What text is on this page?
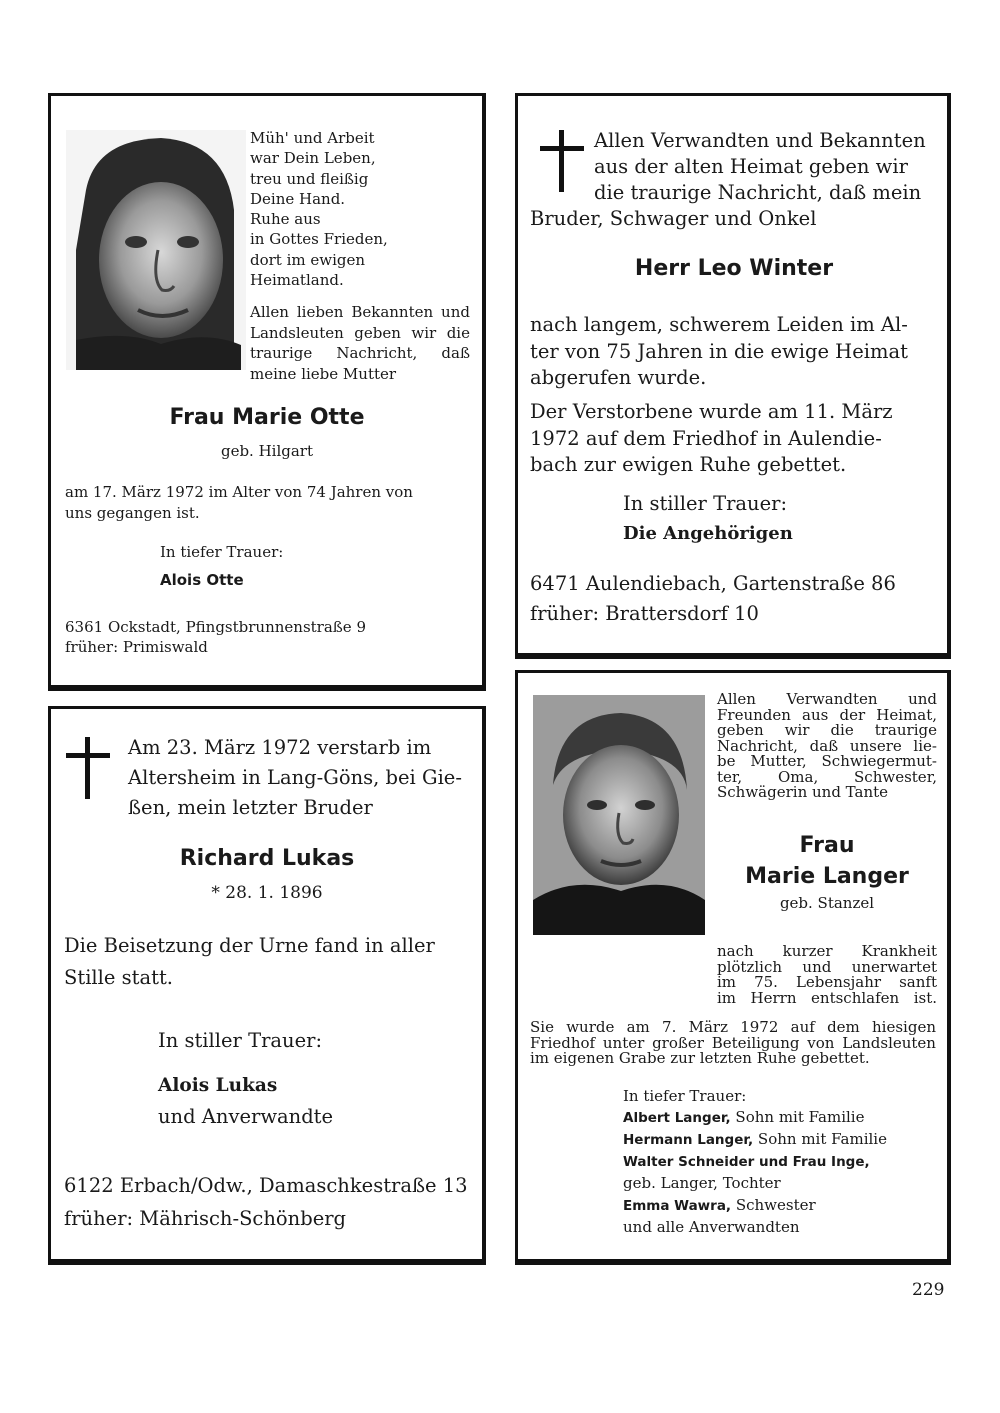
Müh' und Arbeit
war Dein Leben,
treu und fleißig
Deine Hand.
Ruhe aus
in Gottes Frieden,
dort im ewigen
Heimatland.
Allen lieben Bekannten und
Landsleuten geben wir die
traurige Nachricht, daß
meine liebe Mutter
Frau Marie Otte
geb. Hilgart
am 17. März 1972 im Alter von 74 Jahren von
uns gegangen ist.
In tiefer Trauer:
Alois Otte
6361 Ockstadt, Pfingstbrunnenstraße 9
früher: Primiswald
Allen Verwandten und Bekannten
aus der alten Heimat geben wir
die traurige Nachricht, daß mein
Bruder, Schwager und Onkel
Herr Leo Winter
nach langem, schwerem Leiden im Al-
ter von 75 Jahren in die ewige Heimat
abgerufen wurde.
Der Verstorbene wurde am 11. März
1972 auf dem Friedhof in Aulendie-
bach zur ewigen Ruhe gebettet.
In stiller Trauer:
Die Angehörigen
6471 Aulendiebach, Gartenstraße 86
früher: Brattersdorf 10
Am 23. März 1972 verstarb im
Altersheim in Lang-Göns, bei Gie-
ßen, mein letzter Bruder
Richard Lukas
* 28. 1. 1896
Die Beisetzung der Urne fand in aller
Stille statt.
In stiller Trauer:
Alois Lukas
und Anverwandte
6122 Erbach/Odw., Damaschkestraße 13
früher: Mährisch-Schönberg
Allen Verwandten und
Freunden aus der Heimat,
geben wir die traurige
Nachricht, daß unsere lie-
be Mutter, Schwiegermut-
ter, Oma, Schwester,
Schwägerin und Tante
Frau
Marie Langer
geb. Stanzel
nach kurzer Krankheit
plötzlich und unerwartet
im 75. Lebensjahr sanft
im Herrn entschlafen ist.
Sie wurde am 7. März 1972 auf dem hiesigen
Friedhof unter großer Beteiligung von Landsleuten
im eigenen Grabe zur letzten Ruhe gebettet.
In tiefer Trauer:
Albert Langer, Sohn mit Familie
Hermann Langer, Sohn mit Familie
Walter Schneider und Frau Inge,
geb. Langer, Tochter
Emma Wawra, Schwester
und alle Anverwandten
229
